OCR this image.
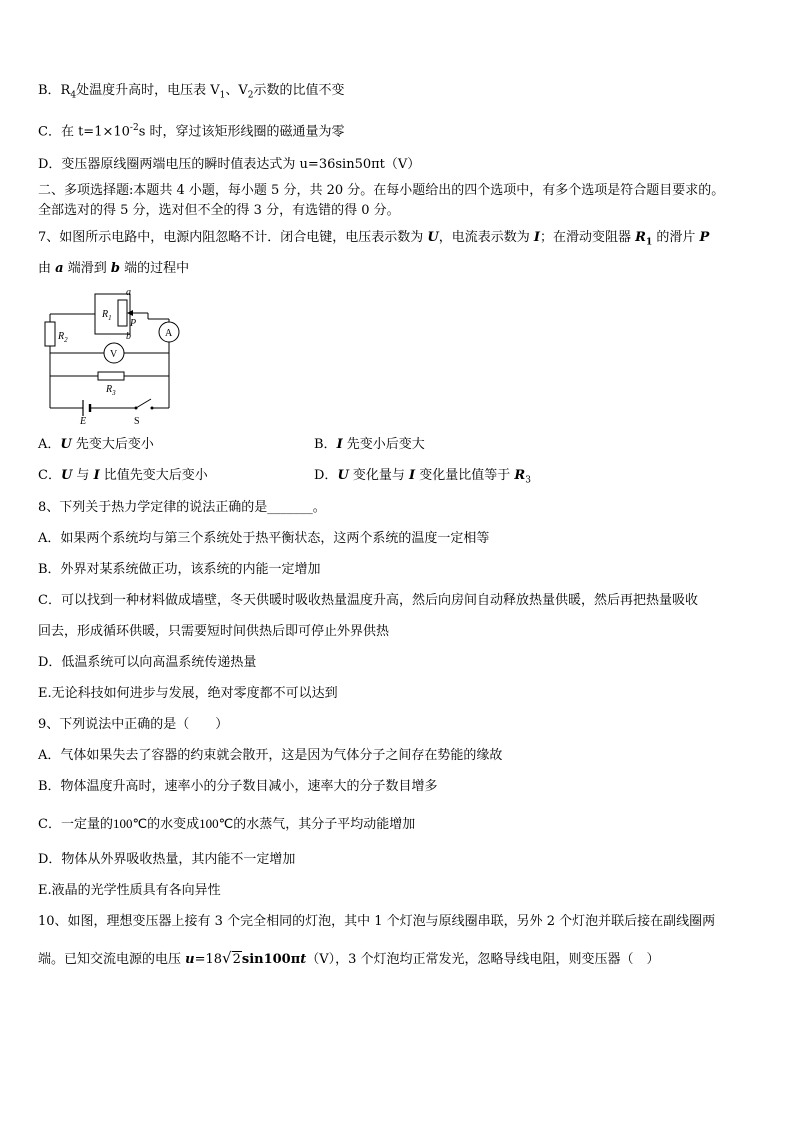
B．$R_4$处温度升高时，电压表 $V_1$、$V_2$示数的比值不变
C．在 $t=1\times 10^{-2}s$ 时，穿过该矩形线圈的磁通量为零
D．变压器原线圈两端电压的瞬时值表达式为 u=36sin50πt（V）
二、多项选择题:本题共 4 小题，每小题 5 分，共 20 分。在每小题给出的四个选项中，有多个选项是符合题目要求的。
全部选对的得 5 分，选对但不全的得 3 分，有选错的得 0 分。
7、如图所示电路中，电源内阻忽略不计．闭合电键，电压表示数为 U，电流表示数为 I；在滑动变阻器 $R_1$ 的滑片 P
由 a 端滑到 b 端的过程中
a
$R_1$ P
b	A
V
$R_2$
$R_3$
E	S
A．U 先变大后变小	B．I 先变小后变大
C．U 与 I 比值先变大后变小	D．U 变化量与 I 变化量比值等于 $R_3$
8、下列关于热力学定律的说法正确的是_______。
A．如果两个系统均与第三个系统处于热平衡状态，这两个系统的温度一定相等
B．外界对某系统做正功，该系统的内能一定增加
C．可以找到一种材料做成墙壁，冬天供暖时吸收热量温度升高，然后向房间自动释放热量供暖，然后再把热量吸收
回去，形成循环供暖，只需要短时间供热后即可停止外界供热
D．低温系统可以向高温系统传递热量
E.无论科技如何进步与发展，绝对零度都不可以达到
9、下列说法中正确的是（　　）
A．气体如果失去了容器的约束就会散开，这是因为气体分子之间存在势能的缘故
B．物体温度升高时，速率小的分子数目减小，速率大的分子数目增多
C．一定量的100℃的水变成100℃的水蒸气，其分子平均动能增加
D．物体从外界吸收热量，其内能不一定增加
E.液晶的光学性质具有各向异性
10、如图，理想变压器上接有 3 个完全相同的灯泡，其中 1 个灯泡与原线圈串联，另外 2 个灯泡并联后接在副线圈两
端。已知交流电源的电压 u=18√2sin100πt（V），3 个灯泡均正常发光，忽略导线电阻，则变压器（　）
